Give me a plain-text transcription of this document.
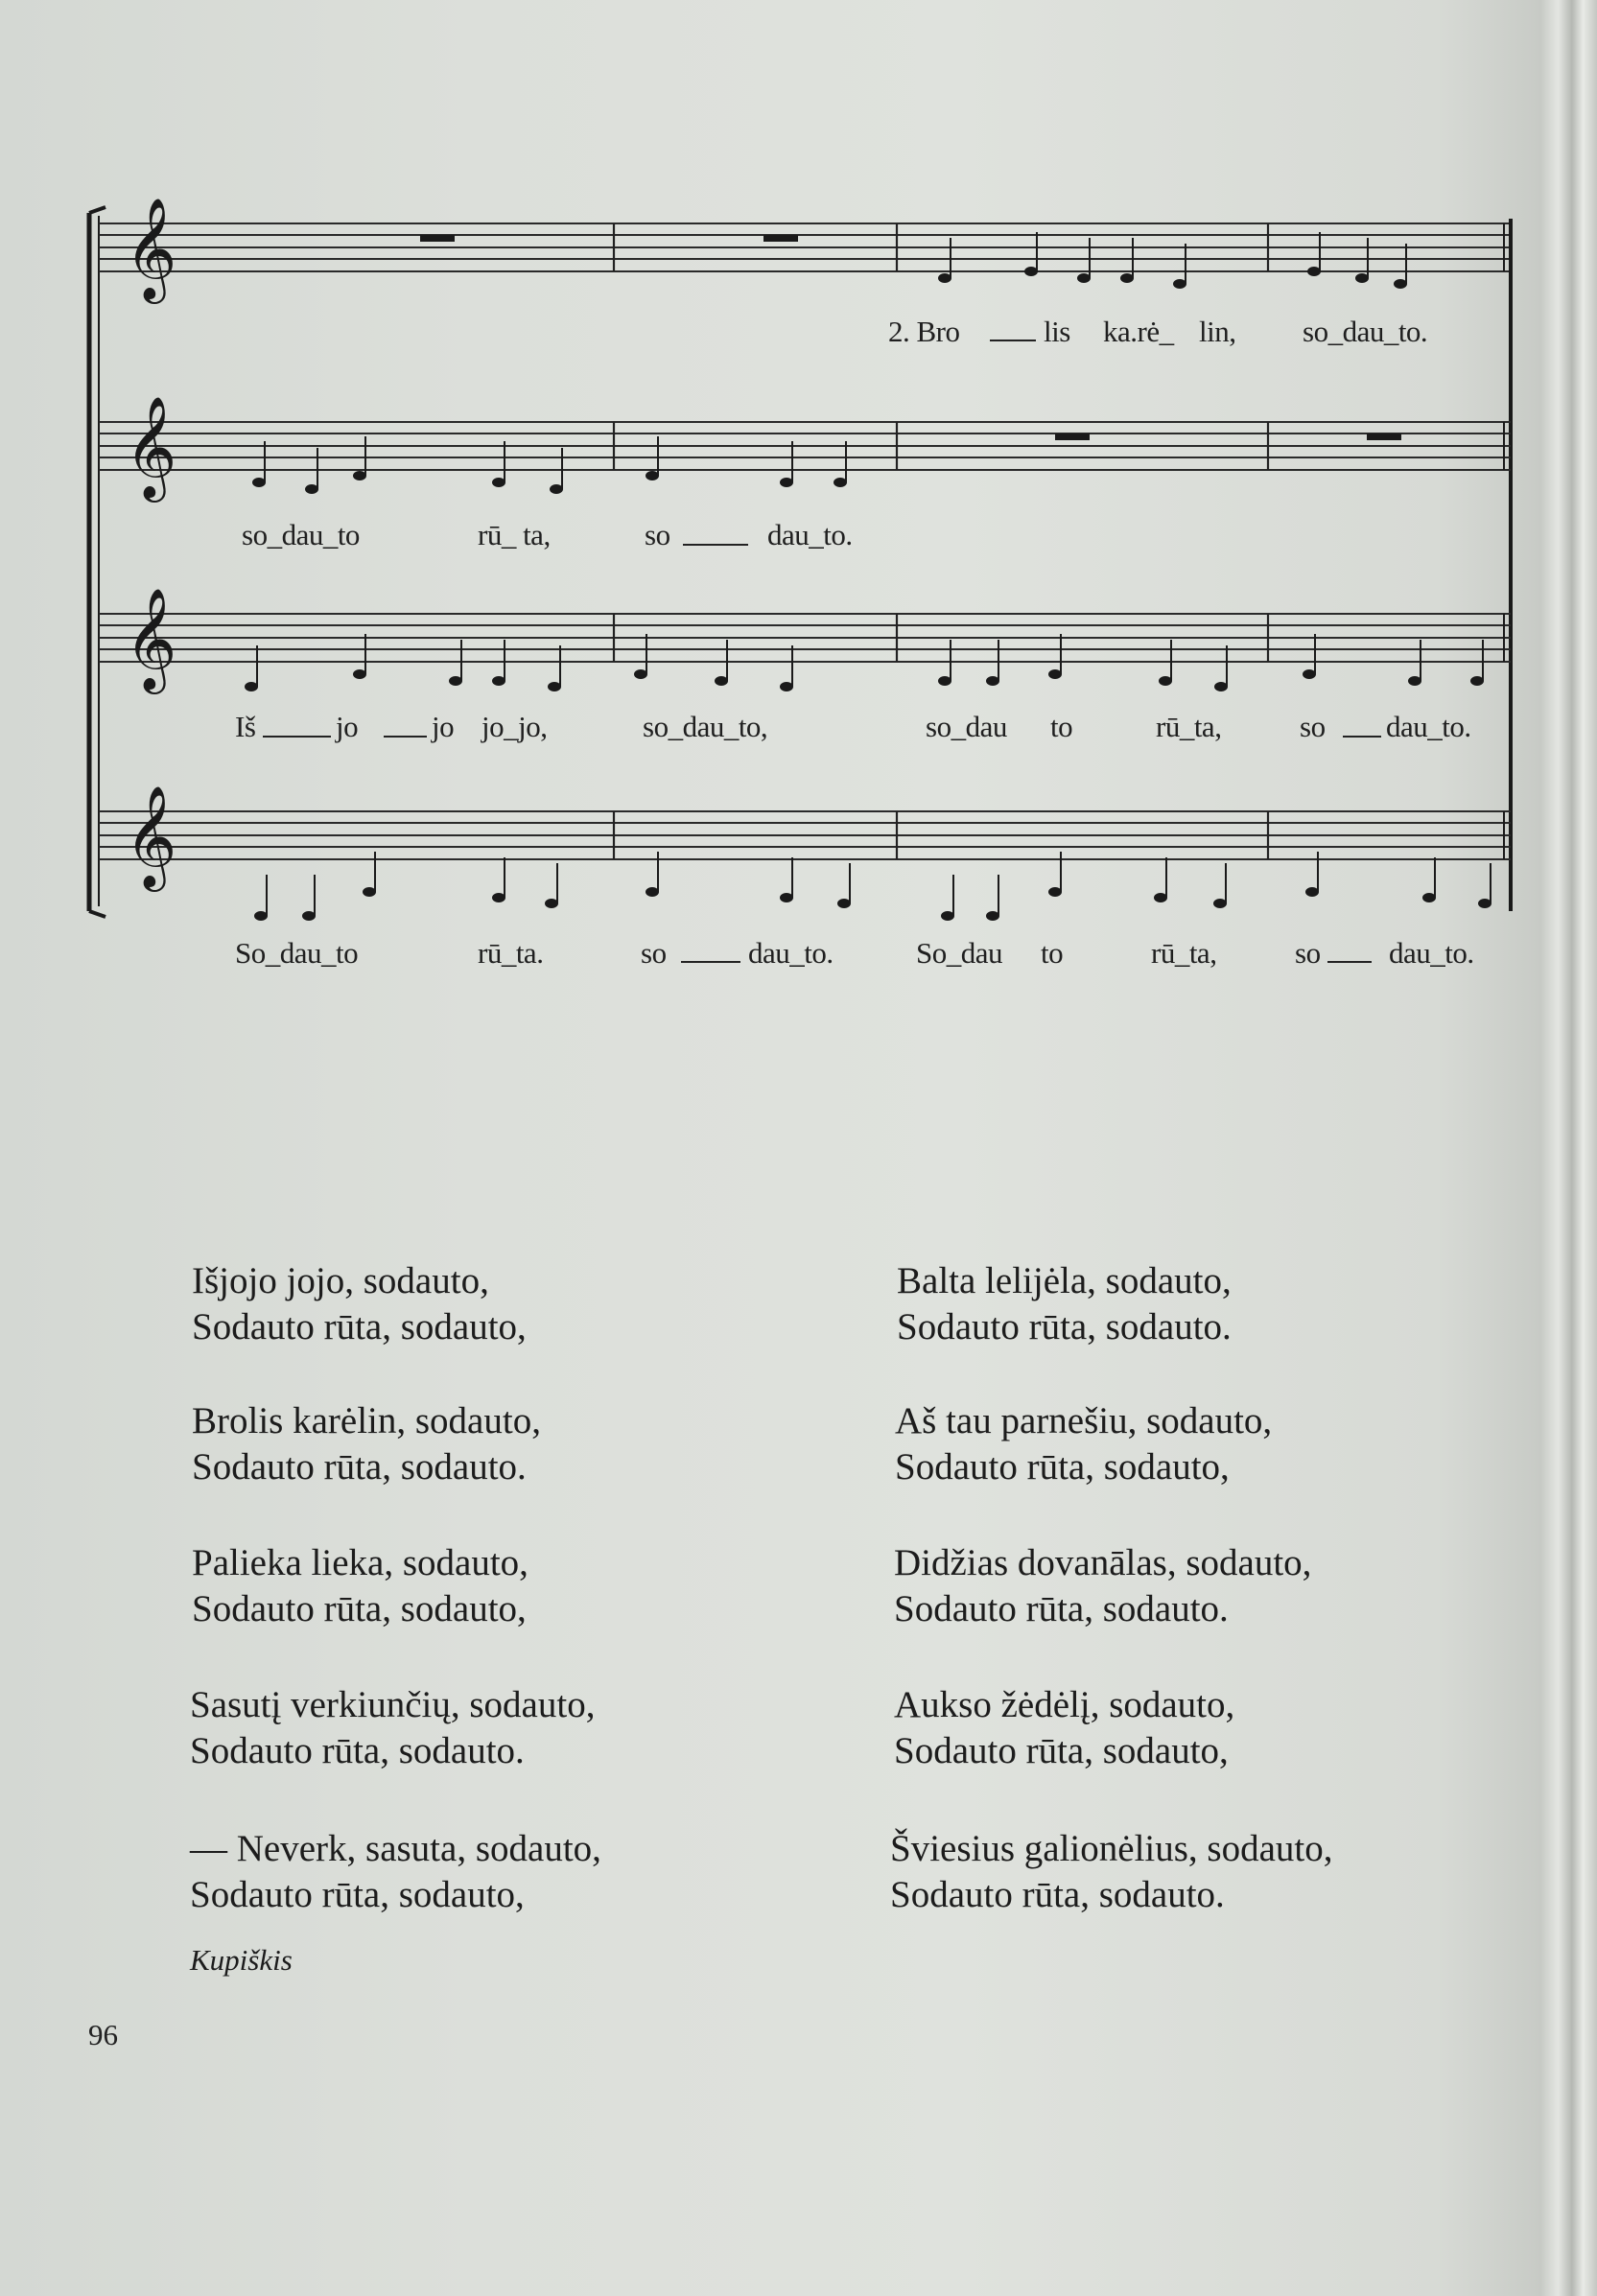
𝄞
𝄞
𝄞
𝄞
2. Bro	lis ka.rė_ lin, so_dau_to.
so_dau_to	rū_ ta,	so	dau_to.
Iš	jo jo jo_jo,	so_dau_to,	so_dau to	rū_ta,	so dau_to.
So_dau_to	rū_ta.	so	dau_to.	So_dau to	rū_ta,	so dau_to.
Išjojo jojo, sodauto,
Sodauto rūta, sodauto,
Brolis karėlin, sodauto,
Sodauto rūta, sodauto.
Palieka lieka, sodauto,
Sodauto rūta, sodauto,
Sasutį verkiunčių, sodauto,
Sodauto rūta, sodauto.
— Neverk, sasuta, sodauto,
Sodauto rūta, sodauto,
Balta lelijėla, sodauto,
Sodauto rūta, sodauto.
Aš tau parnešiu, sodauto,
Sodauto rūta, sodauto,
Didžias dovanālas, sodauto,
Sodauto rūta, sodauto.
Aukso žėdėlį, sodauto,
Sodauto rūta, sodauto,
Šviesius galionėlius, sodauto,
Sodauto rūta, sodauto.
Kupiškis
96
